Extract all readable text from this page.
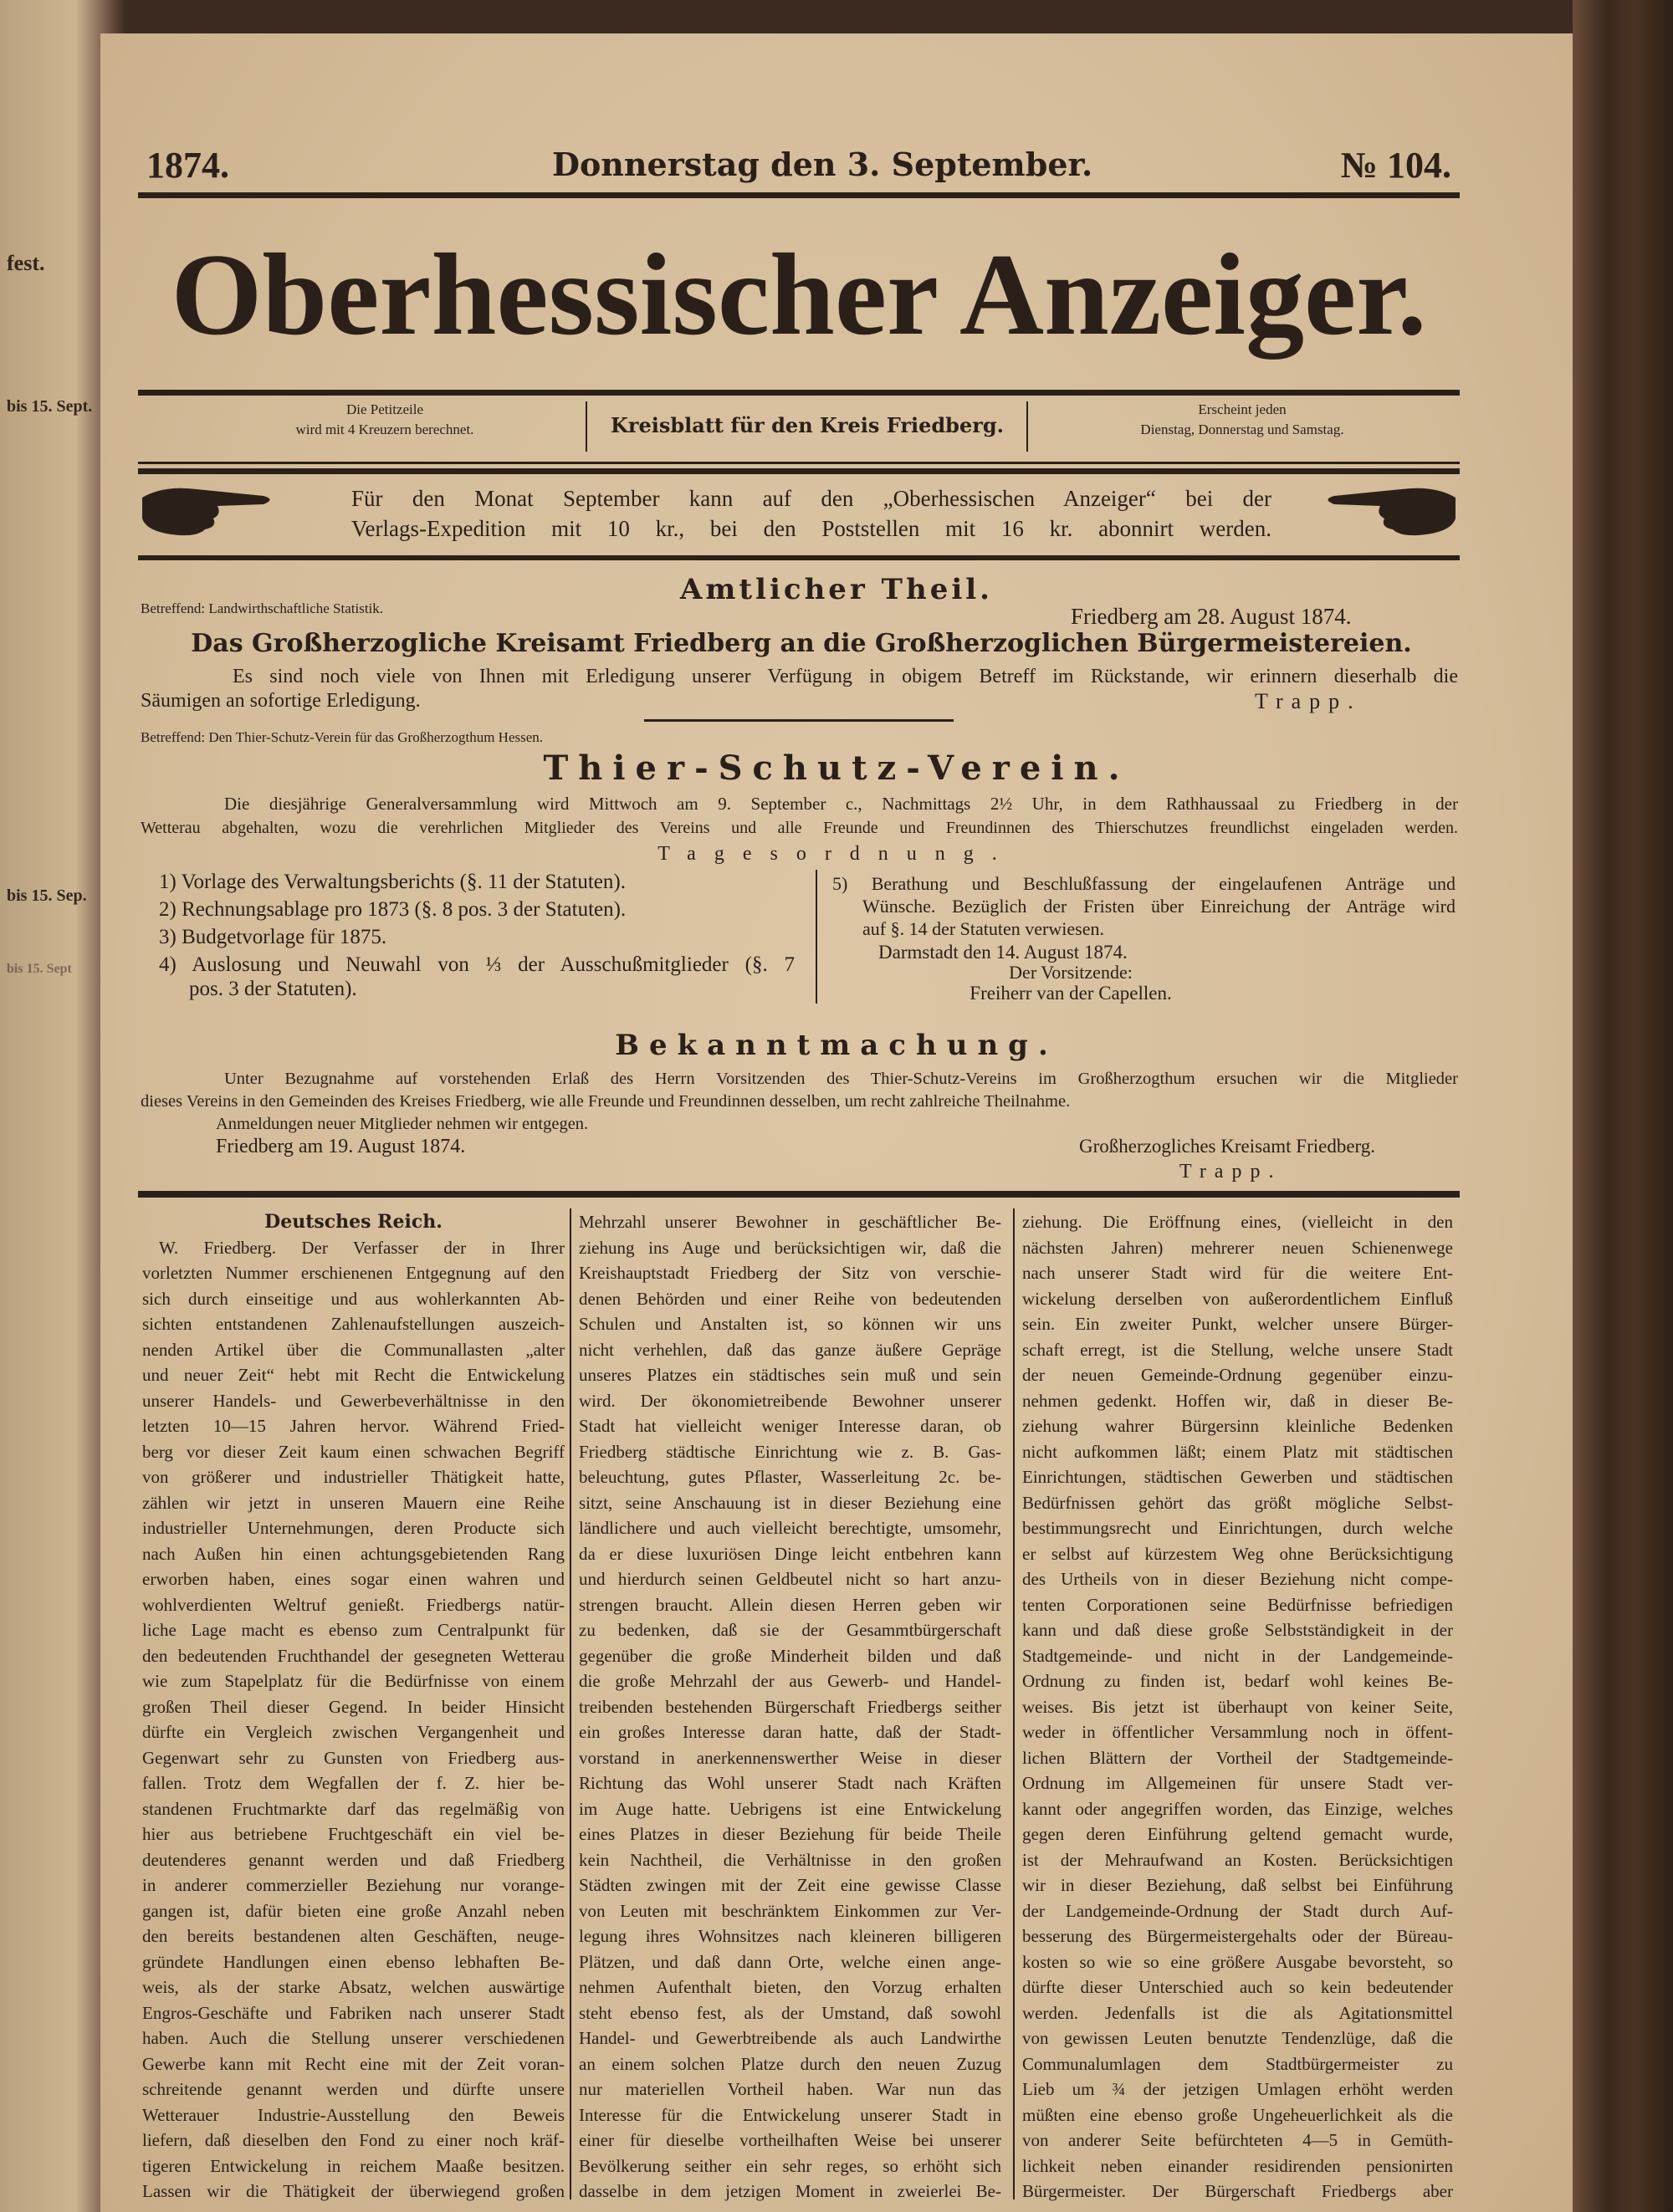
fest.
bis 15. Sept.
bis 15. Sep.
bis 15. Sept
1874.	Donnerstag den 3. September.	№ 104.
Oberhessischer Anzeiger.
Die Petitzeile
wird mit 4 Kreuzern berechnet.	Kreisblatt für den Kreis Friedberg.
Erscheint jeden
Dienstag, Donnerstag und Samstag.
Für den Monat September kann auf den „Oberhessischen Anzeiger“ bei der
Verlags-Expedition mit 10 kr., bei den Poststellen mit 16 kr. abonnirt werden.
Amtlicher Theil.
Betreffend: Landwirthschaftliche Statistik.	Friedberg am 28. August 1874.
Das Großherzogliche Kreisamt Friedberg an die Großherzoglichen Bürgermeistereien.
Es sind noch viele von Ihnen mit Erledigung unserer Verfügung in obigem Betreff im Rückstande, wir erinnern dieserhalb die
Säumigen an sofortige Erledigung.	Trapp.
Betreffend: Den Thier-Schutz-Verein für das Großherzogthum Hessen.
Thier-Schutz-Verein.
Die diesjährige Generalversammlung wird Mittwoch am 9. September c., Nachmittags 2½ Uhr, in dem Rathhaussaal zu Friedberg in der
Wetterau abgehalten, wozu die verehrlichen Mitglieder des Vereins und alle Freunde und Freundinnen des Thierschutzes freundlichst eingeladen werden.
Tagesordnung.
1) Vorlage des Verwaltungsberichts (§. 11 der Statuten).
2) Rechnungsablage pro 1873 (§. 8 pos. 3 der Statuten).
3) Budgetvorlage für 1875.
4) Auslosung und Neuwahl von ⅓ der Ausschußmitglieder (§. 7
pos. 3 der Statuten).
5) Berathung und Beschlußfassung der eingelaufenen Anträge und
Wünsche. Bezüglich der Fristen über Einreichung der Anträge wird
auf §. 14 der Statuten verwiesen.
Darmstadt den 14. August 1874.
Der Vorsitzende:
Freiherr van der Capellen.
Bekanntmachung.
Unter Bezugnahme auf vorstehenden Erlaß des Herrn Vorsitzenden des Thier-Schutz-Vereins im Großherzogthum ersuchen wir die Mitglieder
dieses Vereins in den Gemeinden des Kreises Friedberg, wie alle Freunde und Freundinnen desselben, um recht zahlreiche Theilnahme.
Anmeldungen neuer Mitglieder nehmen wir entgegen.
Friedberg am 19. August 1874.	Großherzogliches Kreisamt Friedberg.
Trapp.
Deutsches Reich.
W. Friedberg. Der Verfasser der in Ihrer
vorletzten Nummer erschienenen Entgegnung auf den
sich durch einseitige und aus wohlerkannten Ab-
sichten entstandenen Zahlenaufstellungen auszeich-
nenden Artikel über die Communallasten „alter
und neuer Zeit“ hebt mit Recht die Entwickelung
unserer Handels- und Gewerbeverhältnisse in den
letzten 10—15 Jahren hervor. Während Fried-
berg vor dieser Zeit kaum einen schwachen Begriff
von größerer und industrieller Thätigkeit hatte,
zählen wir jetzt in unseren Mauern eine Reihe
industrieller Unternehmungen, deren Producte sich
nach Außen hin einen achtungsgebietenden Rang
erworben haben, eines sogar einen wahren und
wohlverdienten Weltruf genießt. Friedbergs natür-
liche Lage macht es ebenso zum Centralpunkt für
den bedeutenden Fruchthandel der gesegneten Wetterau
wie zum Stapelplatz für die Bedürfnisse von einem
großen Theil dieser Gegend. In beider Hinsicht
dürfte ein Vergleich zwischen Vergangenheit und
Gegenwart sehr zu Gunsten von Friedberg aus-
fallen. Trotz dem Wegfallen der f. Z. hier be-
standenen Fruchtmarkte darf das regelmäßig von
hier aus betriebene Fruchtgeschäft ein viel be-
deutenderes genannt werden und daß Friedberg
in anderer commerzieller Beziehung nur vorange-
gangen ist, dafür bieten eine große Anzahl neben
den bereits bestandenen alten Geschäften, neuge-
gründete Handlungen einen ebenso lebhaften Be-
weis, als der starke Absatz, welchen auswärtige
Engros-Geschäfte und Fabriken nach unserer Stadt
haben. Auch die Stellung unserer verschiedenen
Gewerbe kann mit Recht eine mit der Zeit voran-
schreitende genannt werden und dürfte unsere
Wetterauer Industrie-Ausstellung den Beweis
liefern, daß dieselben den Fond zu einer noch kräf-
tigeren Entwickelung in reichem Maaße besitzen.
Lassen wir die Thätigkeit der überwiegend großen
Mehrzahl unserer Bewohner in geschäftlicher Be-
ziehung ins Auge und berücksichtigen wir, daß die
Kreishauptstadt Friedberg der Sitz von verschie-
denen Behörden und einer Reihe von bedeutenden
Schulen und Anstalten ist, so können wir uns
nicht verhehlen, daß das ganze äußere Gepräge
unseres Platzes ein städtisches sein muß und sein
wird. Der ökonomietreibende Bewohner unserer
Stadt hat vielleicht weniger Interesse daran, ob
Friedberg städtische Einrichtung wie z. B. Gas-
beleuchtung, gutes Pflaster, Wasserleitung 2c. be-
sitzt, seine Anschauung ist in dieser Beziehung eine
ländlichere und auch vielleicht berechtigte, umsomehr,
da er diese luxuriösen Dinge leicht entbehren kann
und hierdurch seinen Geldbeutel nicht so hart anzu-
strengen braucht. Allein diesen Herren geben wir
zu bedenken, daß sie der Gesammtbürgerschaft
gegenüber die große Minderheit bilden und daß
die große Mehrzahl der aus Gewerb- und Handel-
treibenden bestehenden Bürgerschaft Friedbergs seither
ein großes Interesse daran hatte, daß der Stadt-
vorstand in anerkennenswerther Weise in dieser
Richtung das Wohl unserer Stadt nach Kräften
im Auge hatte. Uebrigens ist eine Entwickelung
eines Platzes in dieser Beziehung für beide Theile
kein Nachtheil, die Verhältnisse in den großen
Städten zwingen mit der Zeit eine gewisse Classe
von Leuten mit beschränktem Einkommen zur Ver-
legung ihres Wohnsitzes nach kleineren billigeren
Plätzen, und daß dann Orte, welche einen ange-
nehmen Aufenthalt bieten, den Vorzug erhalten
steht ebenso fest, als der Umstand, daß sowohl
Handel- und Gewerbtreibende als auch Landwirthe
an einem solchen Platze durch den neuen Zuzug
nur materiellen Vortheil haben. War nun das
Interesse für die Entwickelung unserer Stadt in
einer für dieselbe vortheilhaften Weise bei unserer
Bevölkerung seither ein sehr reges, so erhöht sich
dasselbe in dem jetzigen Moment in zweierlei Be-
ziehung. Die Eröffnung eines, (vielleicht in den
nächsten Jahren) mehrerer neuen Schienenwege
nach unserer Stadt wird für die weitere Ent-
wickelung derselben von außerordentlichem Einfluß
sein. Ein zweiter Punkt, welcher unsere Bürger-
schaft erregt, ist die Stellung, welche unsere Stadt
der neuen Gemeinde-Ordnung gegenüber einzu-
nehmen gedenkt. Hoffen wir, daß in dieser Be-
ziehung wahrer Bürgersinn kleinliche Bedenken
nicht aufkommen läßt; einem Platz mit städtischen
Einrichtungen, städtischen Gewerben und städtischen
Bedürfnissen gehört das größt mögliche Selbst-
bestimmungsrecht und Einrichtungen, durch welche
er selbst auf kürzestem Weg ohne Berücksichtigung
des Urtheils von in dieser Beziehung nicht compe-
tenten Corporationen seine Bedürfnisse befriedigen
kann und daß diese große Selbstständigkeit in der
Stadtgemeinde- und nicht in der Landgemeinde-
Ordnung zu finden ist, bedarf wohl keines Be-
weises. Bis jetzt ist überhaupt von keiner Seite,
weder in öffentlicher Versammlung noch in öffent-
lichen Blättern der Vortheil der Stadtgemeinde-
Ordnung im Allgemeinen für unsere Stadt ver-
kannt oder angegriffen worden, das Einzige, welches
gegen deren Einführung geltend gemacht wurde,
ist der Mehraufwand an Kosten. Berücksichtigen
wir in dieser Beziehung, daß selbst bei Einführung
der Landgemeinde-Ordnung der Stadt durch Auf-
besserung des Bürgermeistergehalts oder der Büreau-
kosten so wie so eine größere Ausgabe bevorsteht, so
dürfte dieser Unterschied auch so kein bedeutender
werden. Jedenfalls ist die als Agitationsmittel
von gewissen Leuten benutzte Tendenzlüge, daß die
Communalumlagen dem Stadtbürgermeister zu
Lieb um ¾ der jetzigen Umlagen erhöht werden
müßten eine ebenso große Ungeheuerlichkeit als die
von anderer Seite befürchteten 4—5 in Gemüth-
lichkeit neben einander residirenden pensionirten
Bürgermeister. Der Bürgerschaft Friedbergs aber
